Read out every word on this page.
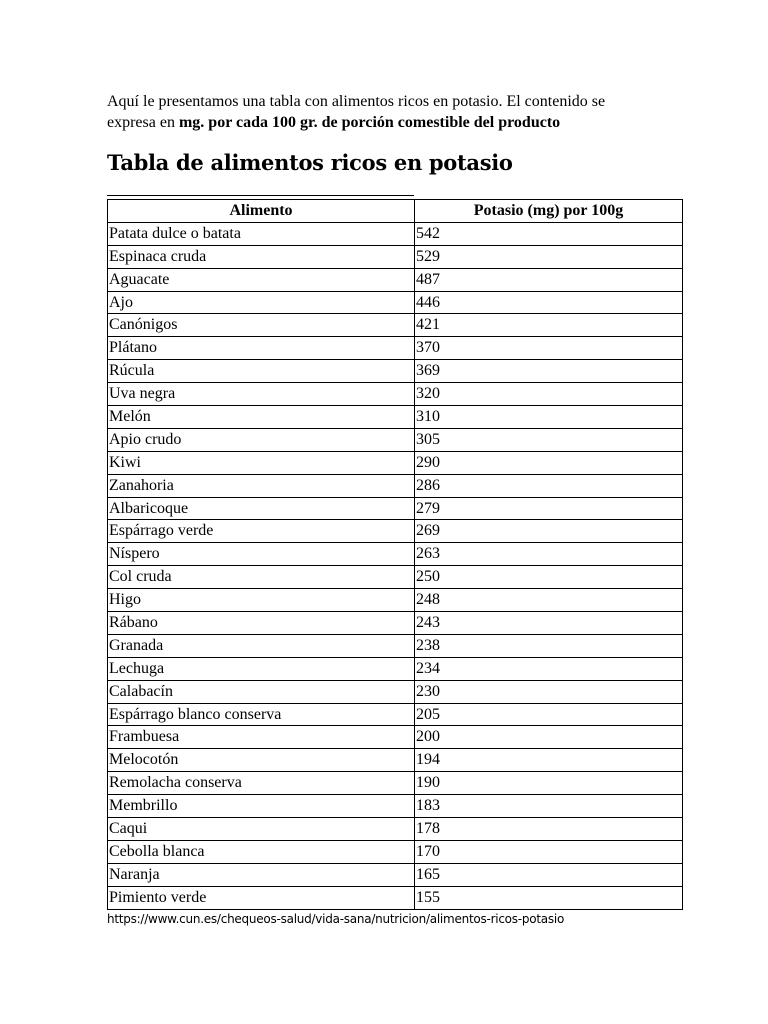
Aquí le presentamos una tabla con alimentos ricos en potasio. El contenido se
expresa en mg. por cada 100 gr. de porción comestible del producto
Tabla de alimentos ricos en potasio
Alimento	Potasio (mg) por 100g
Patata dulce o batata	542
Espinaca cruda	529
Aguacate	487
Ajo	446
Canónigos	421
Plátano	370
Rúcula	369
Uva negra	320
Melón	310
Apio crudo	305
Kiwi	290
Zanahoria	286
Albaricoque	279
Espárrago verde	269
Níspero	263
Col cruda	250
Higo	248
Rábano	243
Granada	238
Lechuga	234
Calabacín	230
Espárrago blanco conserva	205
Frambuesa	200
Melocotón	194
Remolacha conserva	190
Membrillo	183
Caqui	178
Cebolla blanca	170
Naranja	165
Pimiento verde	155
https://www.cun.es/chequeos-salud/vida-sana/nutricion/alimentos-ricos-potasio
